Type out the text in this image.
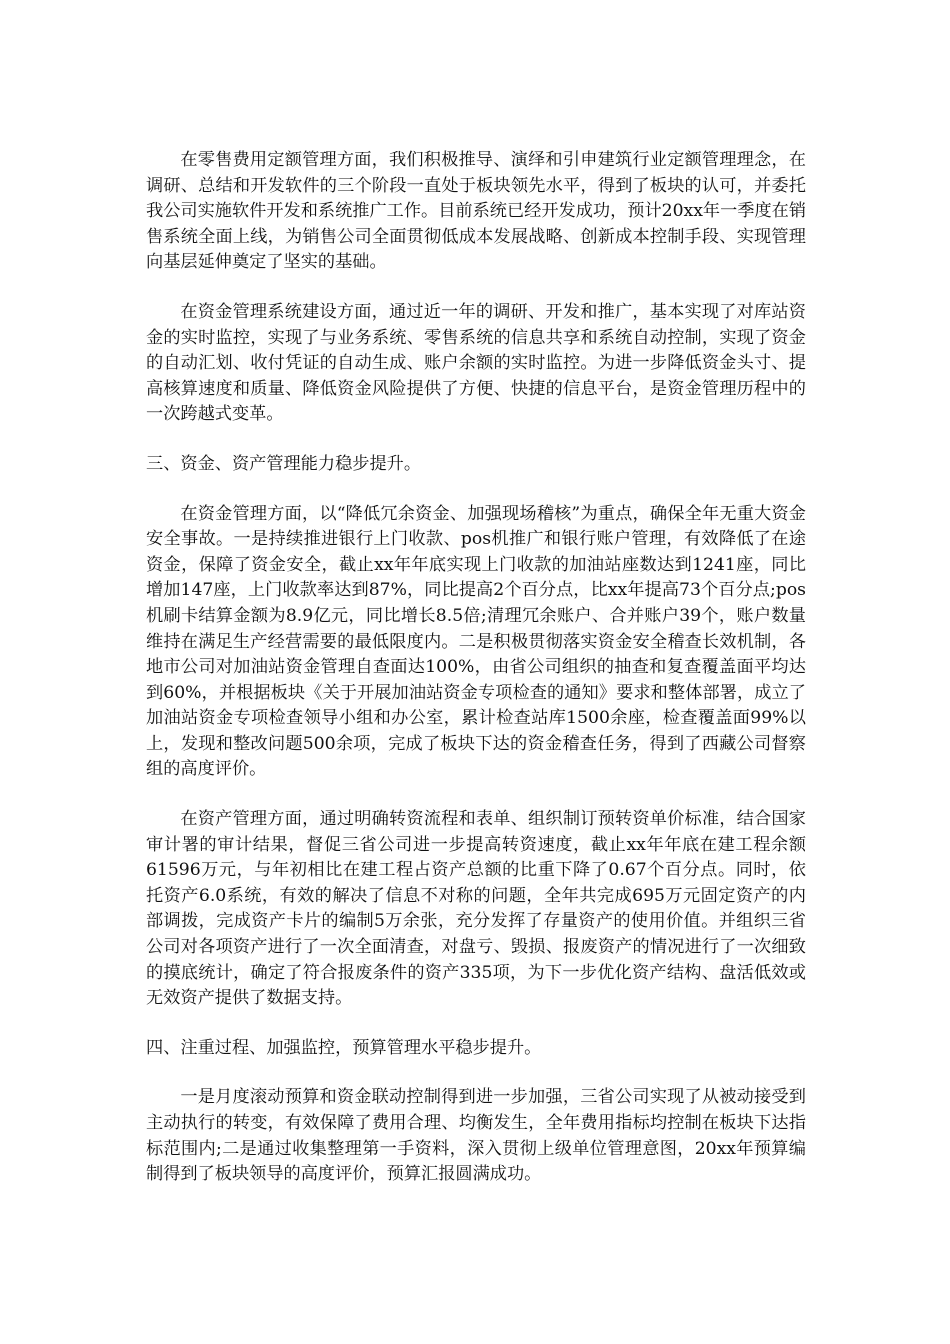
在零售费用定额管理方面，我们积极推导、演绎和引申建筑行业定额管理理念，在调研、总结和开发软件的三个阶段一直处于板块领先水平，得到了板块的认可，并委托我公司实施软件开发和系统推广工作。目前系统已经开发成功，预计20xx年一季度在销售系统全面上线，为销售公司全面贯彻低成本发展战略、创新成本控制手段、实现管理向基层延伸奠定了坚实的基础。

在资金管理系统建设方面，通过近一年的调研、开发和推广，基本实现了对库站资金的实时监控，实现了与业务系统、零售系统的信息共享和系统自动控制，实现了资金的自动汇划、收付凭证的自动生成、账户余额的实时监控。为进一步降低资金头寸、提高核算速度和质量、降低资金风险提供了方便、快捷的信息平台，是资金管理历程中的一次跨越式变革。

三、资金、资产管理能力稳步提升。

在资金管理方面，以“降低冗余资金、加强现场稽核”为重点，确保全年无重大资金安全事故。一是持续推进银行上门收款、pos机推广和银行账户管理，有效降低了在途资金，保障了资金安全，截止xx年年底实现上门收款的加油站座数达到1241座，同比增加147座，上门收款率达到87%，同比提高2个百分点，比xx年提高73个百分点;pos机刷卡结算金额为8.9亿元，同比增长8.5倍;清理冗余账户、合并账户39个，账户数量维持在满足生产经营需要的最低限度内。二是积极贯彻落实资金安全稽查长效机制，各地市公司对加油站资金管理自查面达100%，由省公司组织的抽查和复查覆盖面平均达到60%，并根据板块《关于开展加油站资金专项检查的通知》要求和整体部署，成立了加油站资金专项检查领导小组和办公室，累计检查站库1500余座，检查覆盖面99%以上，发现和整改问题500余项，完成了板块下达的资金稽查任务，得到了西藏公司督察组的高度评价。

在资产管理方面，通过明确转资流程和表单、组织制订预转资单价标准，结合国家审计署的审计结果，督促三省公司进一步提高转资速度，截止xx年年底在建工程余额61596万元，与年初相比在建工程占资产总额的比重下降了0.67个百分点。同时，依托资产6.0系统，有效的解决了信息不对称的问题，全年共完成695万元固定资产的内部调拨，完成资产卡片的编制5万余张，充分发挥了存量资产的使用价值。并组织三省公司对各项资产进行了一次全面清查，对盘亏、毁损、报废资产的情况进行了一次细致的摸底统计，确定了符合报废条件的资产335项，为下一步优化资产结构、盘活低效或无效资产提供了数据支持。

四、注重过程、加强监控，预算管理水平稳步提升。

一是月度滚动预算和资金联动控制得到进一步加强，三省公司实现了从被动接受到主动执行的转变，有效保障了费用合理、均衡发生，全年费用指标均控制在板块下达指标范围内;二是通过收集整理第一手资料，深入贯彻上级单位管理意图，20xx年预算编制得到了板块领导的高度评价，预算汇报圆满成功。
